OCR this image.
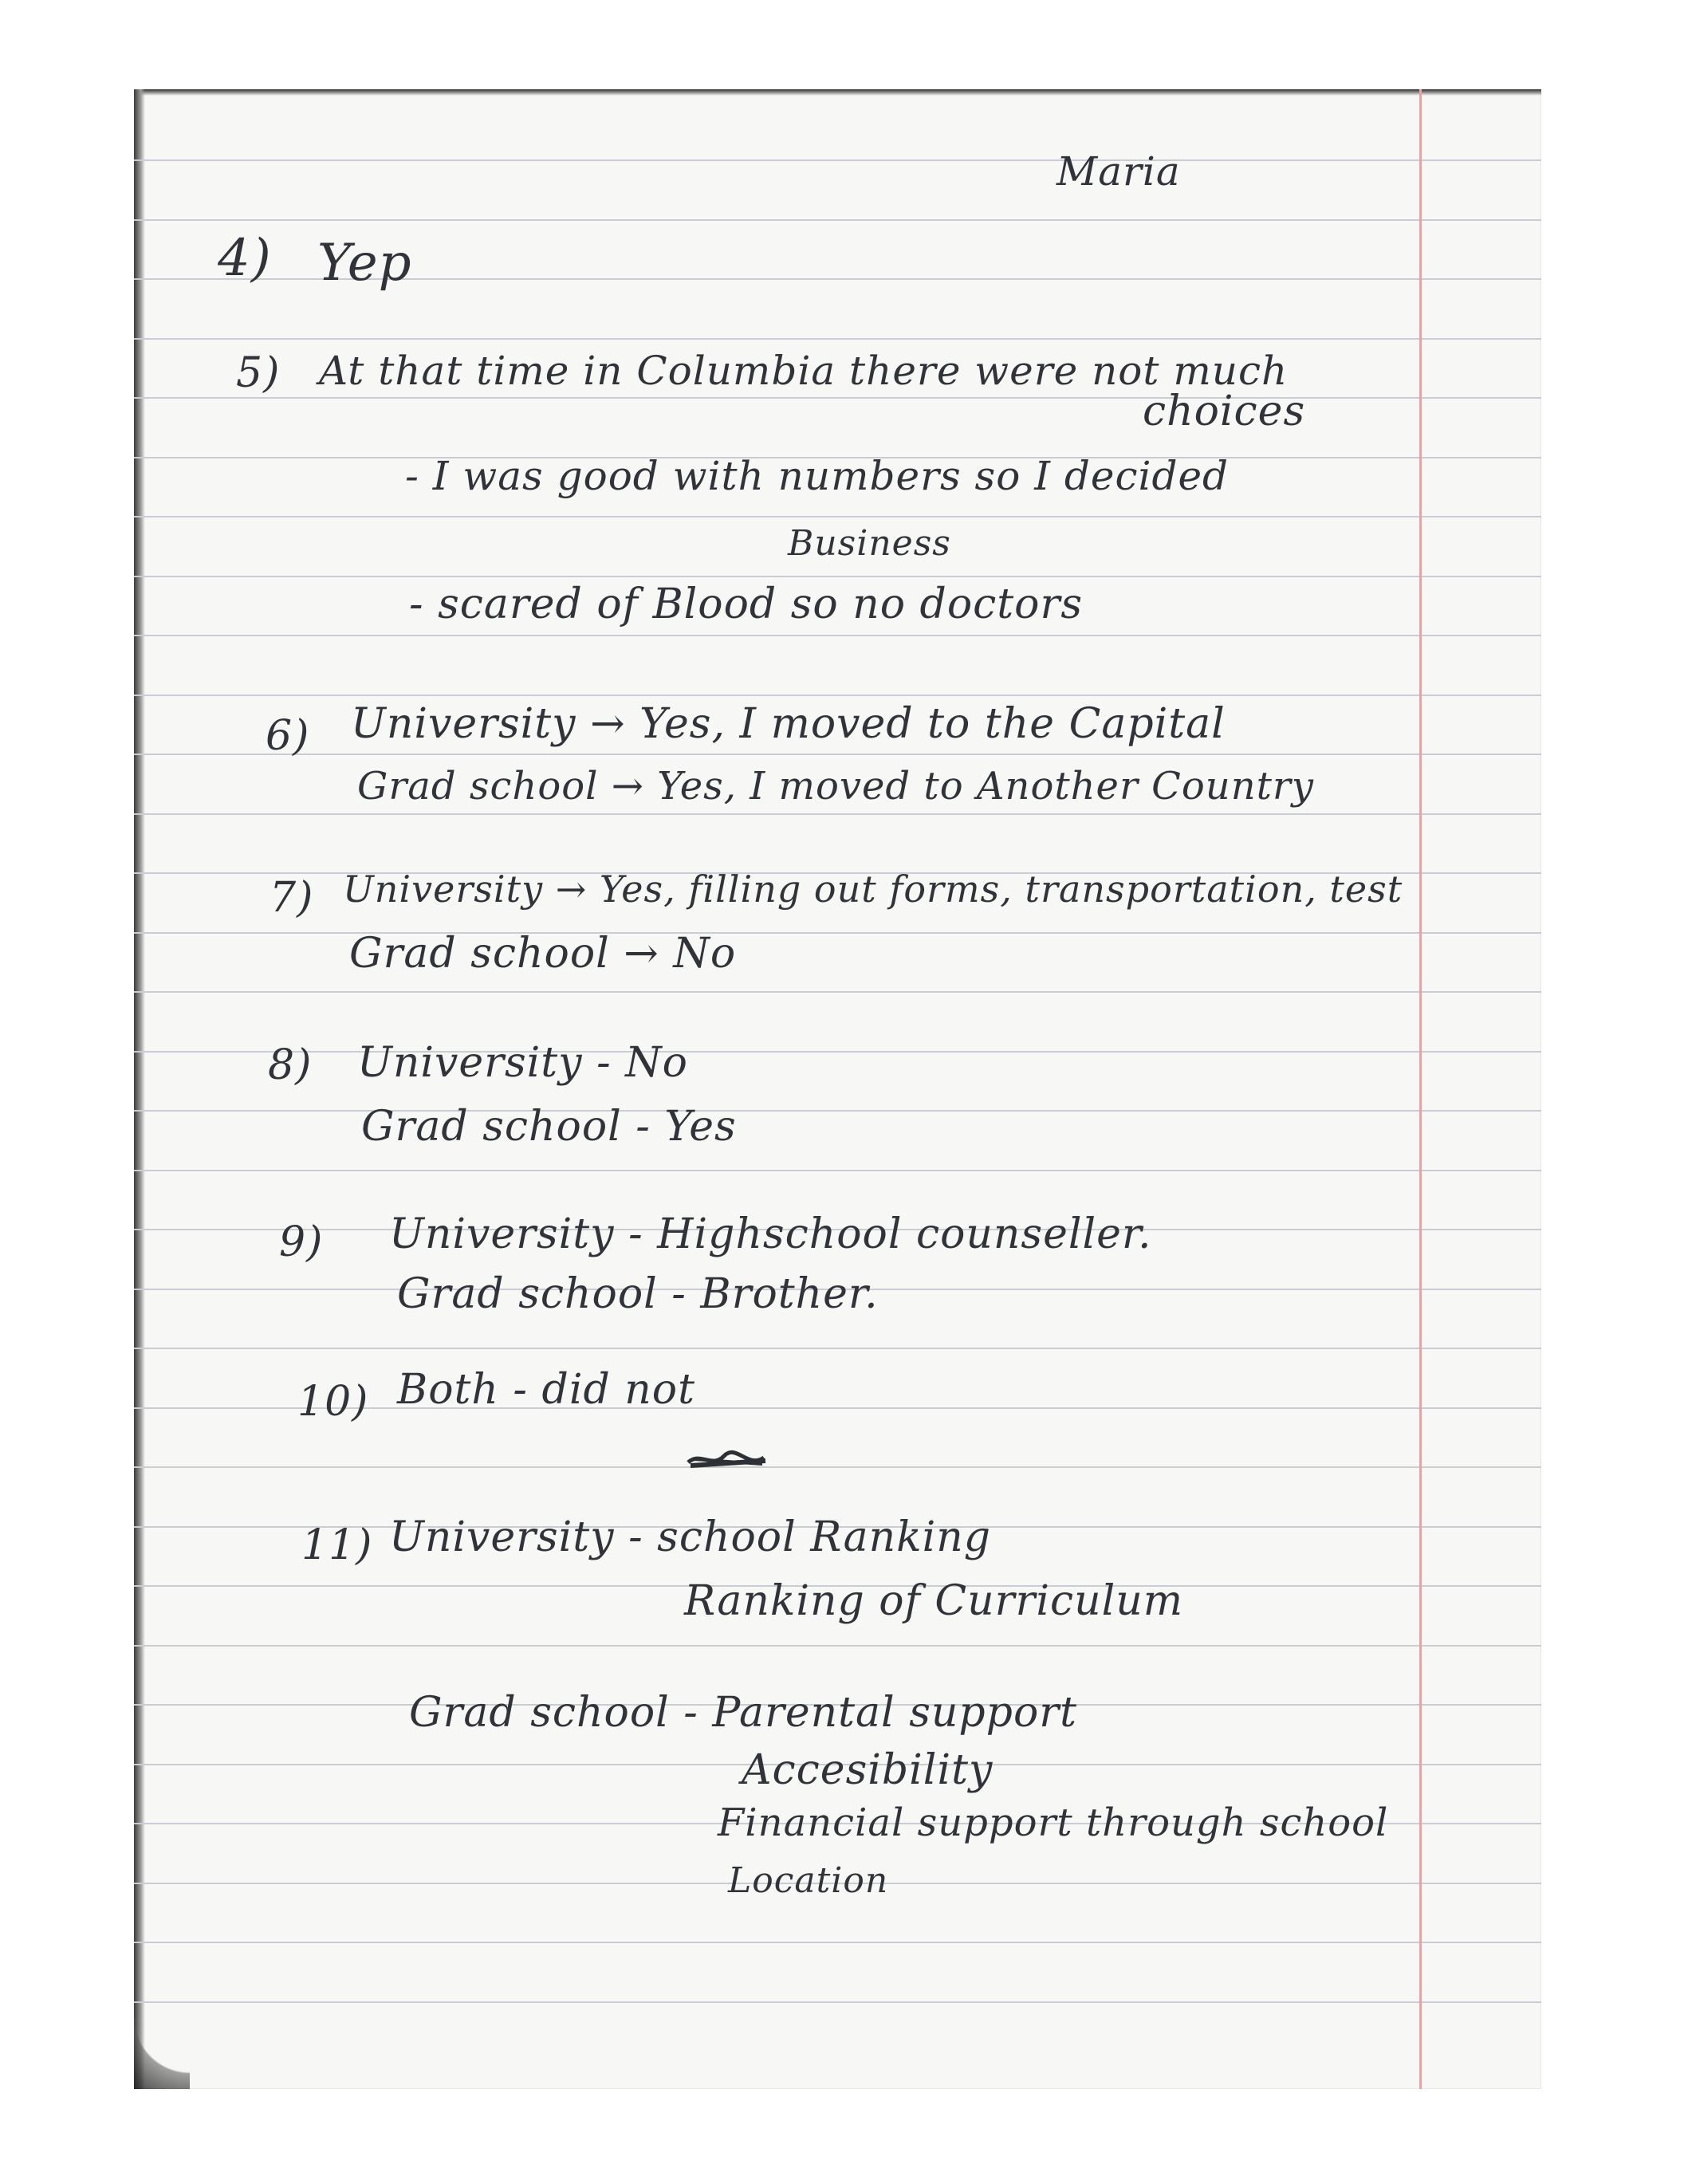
Maria
4) Yep
5) At that time in Columbia there were not much
choices
- I was good with numbers so I decided
Business
- scared of Blood so no doctors
6) University → Yes, I moved to the Capital
Grad school → Yes, I moved to Another Country
7) University → Yes, filling out forms, transportation, test
Grad school → No
8) University - No
Grad school - Yes
9) University - Highschool counseller.
Grad school - Brother.
10) Both - did not
11) University - school Ranking
Ranking of Curriculum
Grad school - Parental support
Accesibility
Financial support through school
Location
